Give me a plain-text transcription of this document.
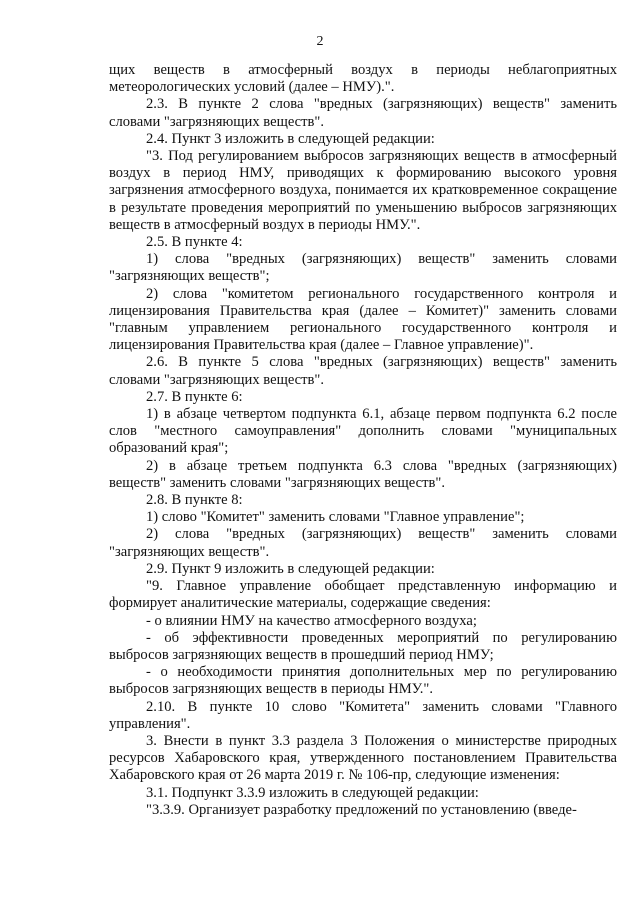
2

щих веществ в атмосферный воздух в периоды неблагоприятных метеорологических условий (далее – НМУ).".

2.3. В пункте 2 слова "вредных (загрязняющих) веществ" заменить словами "загрязняющих веществ".

2.4. Пункт 3 изложить в следующей редакции:

"3. Под регулированием выбросов загрязняющих веществ в атмосферный воздух в период НМУ, приводящих к формированию высокого уровня загрязнения атмосферного воздуха, понимается их кратковременное сокращение в результате проведения мероприятий по уменьшению выбросов загрязняющих веществ в атмосферный воздух в периоды НМУ.".

2.5. В пункте 4:

1) слова "вредных (загрязняющих) веществ" заменить словами "загрязняющих веществ";

2) слова "комитетом регионального государственного контроля и лицензирования Правительства края (далее – Комитет)" заменить словами "главным управлением регионального государственного контроля и лицензирования Правительства края (далее – Главное управление)".

2.6. В пункте 5 слова "вредных (загрязняющих) веществ" заменить словами "загрязняющих веществ".

2.7. В пункте 6:

1) в абзаце четвертом подпункта 6.1, абзаце первом подпункта 6.2 после слов "местного самоуправления" дополнить словами "муниципальных образований края";

2) в абзаце третьем подпункта 6.3 слова "вредных (загрязняющих) веществ" заменить словами "загрязняющих веществ".

2.8. В пункте 8:

1) слово "Комитет" заменить словами "Главное управление";

2) слова "вредных (загрязняющих) веществ" заменить словами "загрязняющих веществ".

2.9. Пункт 9 изложить в следующей редакции:

"9. Главное управление обобщает представленную информацию и формирует аналитические материалы, содержащие сведения:

- о влиянии НМУ на качество атмосферного воздуха;

- об эффективности проведенных мероприятий по регулированию выбросов загрязняющих веществ в прошедший период НМУ;

- о необходимости принятия дополнительных мер по регулированию выбросов загрязняющих веществ в периоды НМУ.".

2.10. В пункте 10 слово "Комитета" заменить словами "Главного управления".

3. Внести в пункт 3.3 раздела 3 Положения о министерстве природных ресурсов Хабаровского края, утвержденного постановлением Правительства Хабаровского края от 26 марта 2019 г. № 106-пр, следующие изменения:

3.1. Подпункт 3.3.9 изложить в следующей редакции:

"3.3.9. Организует разработку предложений по установлению (введе-
